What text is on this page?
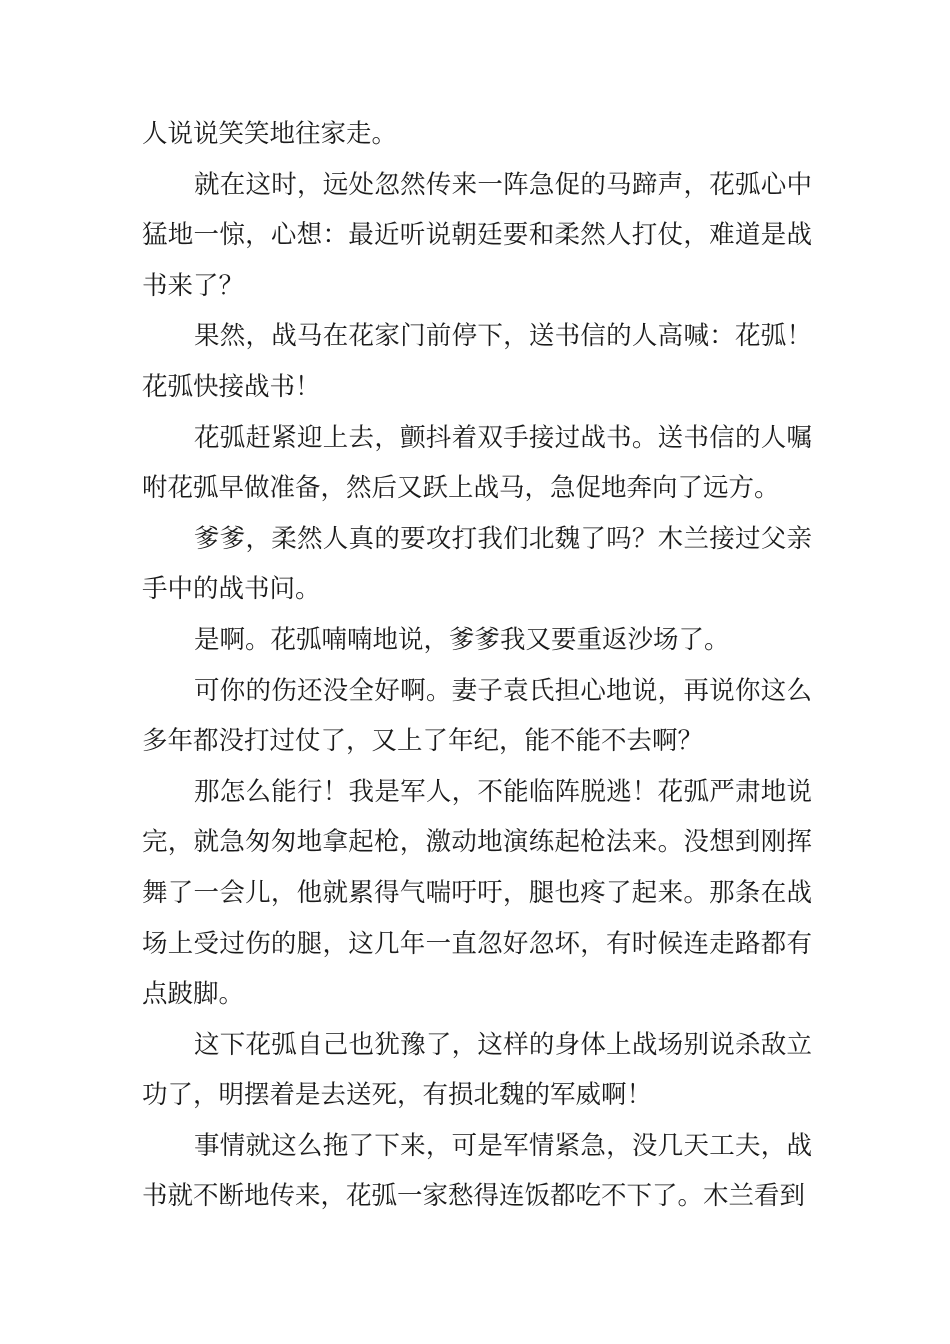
人说说笑笑地往家走。
就在这时，远处忽然传来一阵急促的马蹄声，花弧心中
猛地一惊，心想：最近听说朝廷要和柔然人打仗，难道是战
书来了？
果然，战马在花家门前停下，送书信的人高喊：花弧！
花弧快接战书！
花弧赶紧迎上去，颤抖着双手接过战书。送书信的人嘱
咐花弧早做准备，然后又跃上战马，急促地奔向了远方。
爹爹，柔然人真的要攻打我们北魏了吗？木兰接过父亲
手中的战书问。
是啊。花弧喃喃地说，爹爹我又要重返沙场了。
可你的伤还没全好啊。妻子袁氏担心地说，再说你这么
多年都没打过仗了，又上了年纪，能不能不去啊？
那怎么能行！我是军人，不能临阵脱逃！花弧严肃地说
完，就急匆匆地拿起枪，激动地演练起枪法来。没想到刚挥
舞了一会儿，他就累得气喘吁吁，腿也疼了起来。那条在战
场上受过伤的腿，这几年一直忽好忽坏，有时候连走路都有
点跛脚。
这下花弧自己也犹豫了，这样的身体上战场别说杀敌立
功了，明摆着是去送死，有损北魏的军威啊！
事情就这么拖了下来，可是军情紧急，没几天工夫，战
书就不断地传来，花弧一家愁得连饭都吃不下了。木兰看到
